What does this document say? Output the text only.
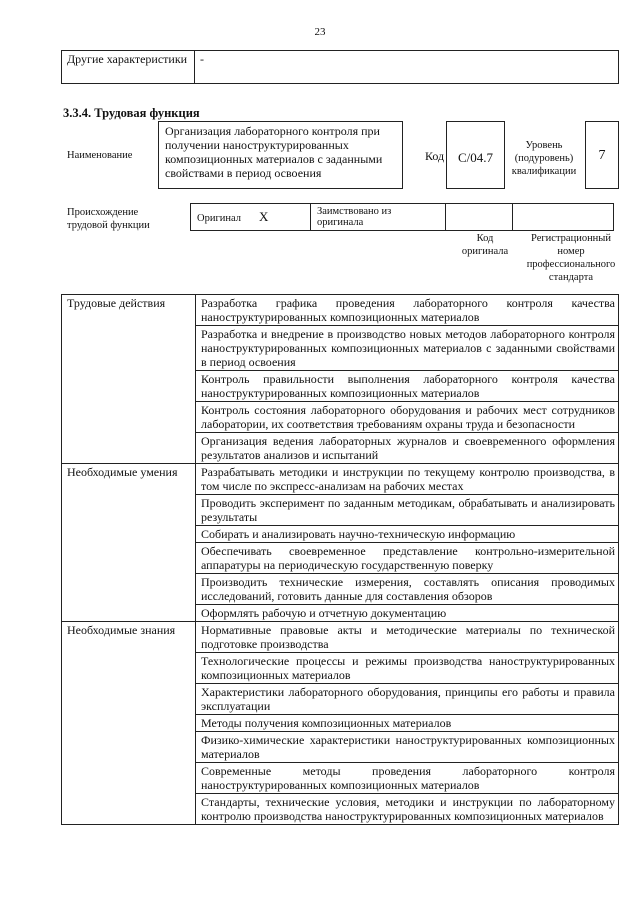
23
Другие характеристики	-
3.3.4. Трудовая функция
Наименование
Организация лабораторного контроля при получении наноструктурированных композиционных материалов с заданными свойствами в период освоения
Код	C/04.7
Уровень (подуровень) квалификации
7
Происхождение трудовой функции
Оригинал X	Заимствовано из оригинала		
Код оригинала
Регистрационный номер профессионального стандарта
Трудовые действия	Разработка графика проведения лабораторного контроля качества наноструктурированных композиционных материалов
	Разработка и внедрение в производство новых методов лабораторного контроля наноструктурированных композиционных материалов с заданными свойствами в период освоения
	Контроль правильности выполнения лабораторного контроля качества наноструктурированных композиционных материалов
	Контроль состояния лабораторного оборудования и рабочих мест сотрудников лаборатории, их соответствия требованиям охраны труда и безопасности
	Организация ведения лабораторных журналов и своевременного оформления результатов анализов и испытаний
Необходимые умения	Разрабатывать методики и инструкции по текущему контролю производства, в том числе по экспресс-анализам на рабочих местах
	Проводить эксперимент по заданным методикам, обрабатывать и анализировать результаты
	Собирать и анализировать научно-техническую информацию
	Обеспечивать своевременное представление контрольно-измерительной аппаратуры на периодическую государственную поверку
	Производить технические измерения, составлять описания проводимых исследований, готовить данные для составления обзоров
	Оформлять рабочую и отчетную документацию
Необходимые знания	Нормативные правовые акты и методические материалы по технической подготовке производства
	Технологические процессы и режимы производства наноструктурированных композиционных материалов
	Характеристики лабораторного оборудования, принципы его работы и правила эксплуатации
	Методы получения композиционных материалов
	Физико-химические характеристики наноструктурированных композиционных материалов
	Современные методы проведения лабораторного контроля наноструктурированных композиционных материалов
	Стандарты, технические условия, методики и инструкции по лабораторному контролю производства наноструктурированных композиционных материалов
